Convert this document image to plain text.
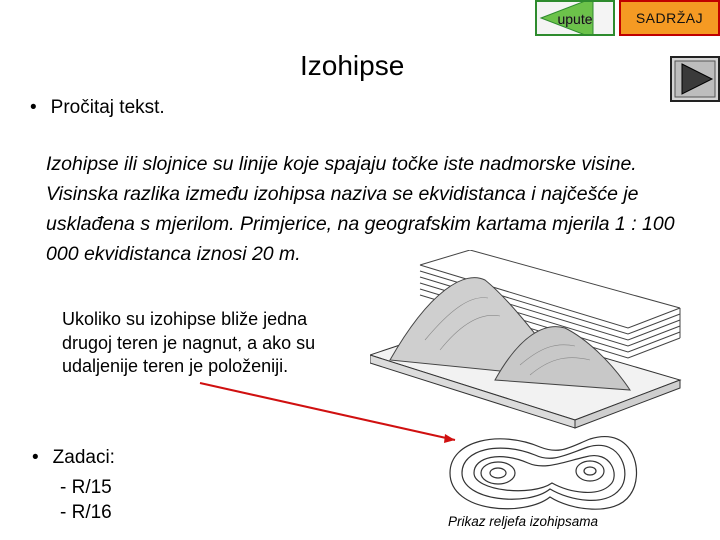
upute	SADRŽAJ
Izohipse
• Pročitaj tekst.
Izohipse ili slojnice su linije koje spajaju točke iste nadmorske visine. Visinska razlika između izohipsa naziva se ekvidistanca i najčešće je usklađena s mjerilom. Primjerice, na geografskim kartama mjerila 1 : 100 000 ekvidistanca iznosi 20 m.
Ukoliko su izohipse bliže jedna drugoj teren je nagnut, a ako su udaljenije teren je položeniji.
• Zadaci:
- R/15
- R/16	Prikaz reljefa izohipsama
